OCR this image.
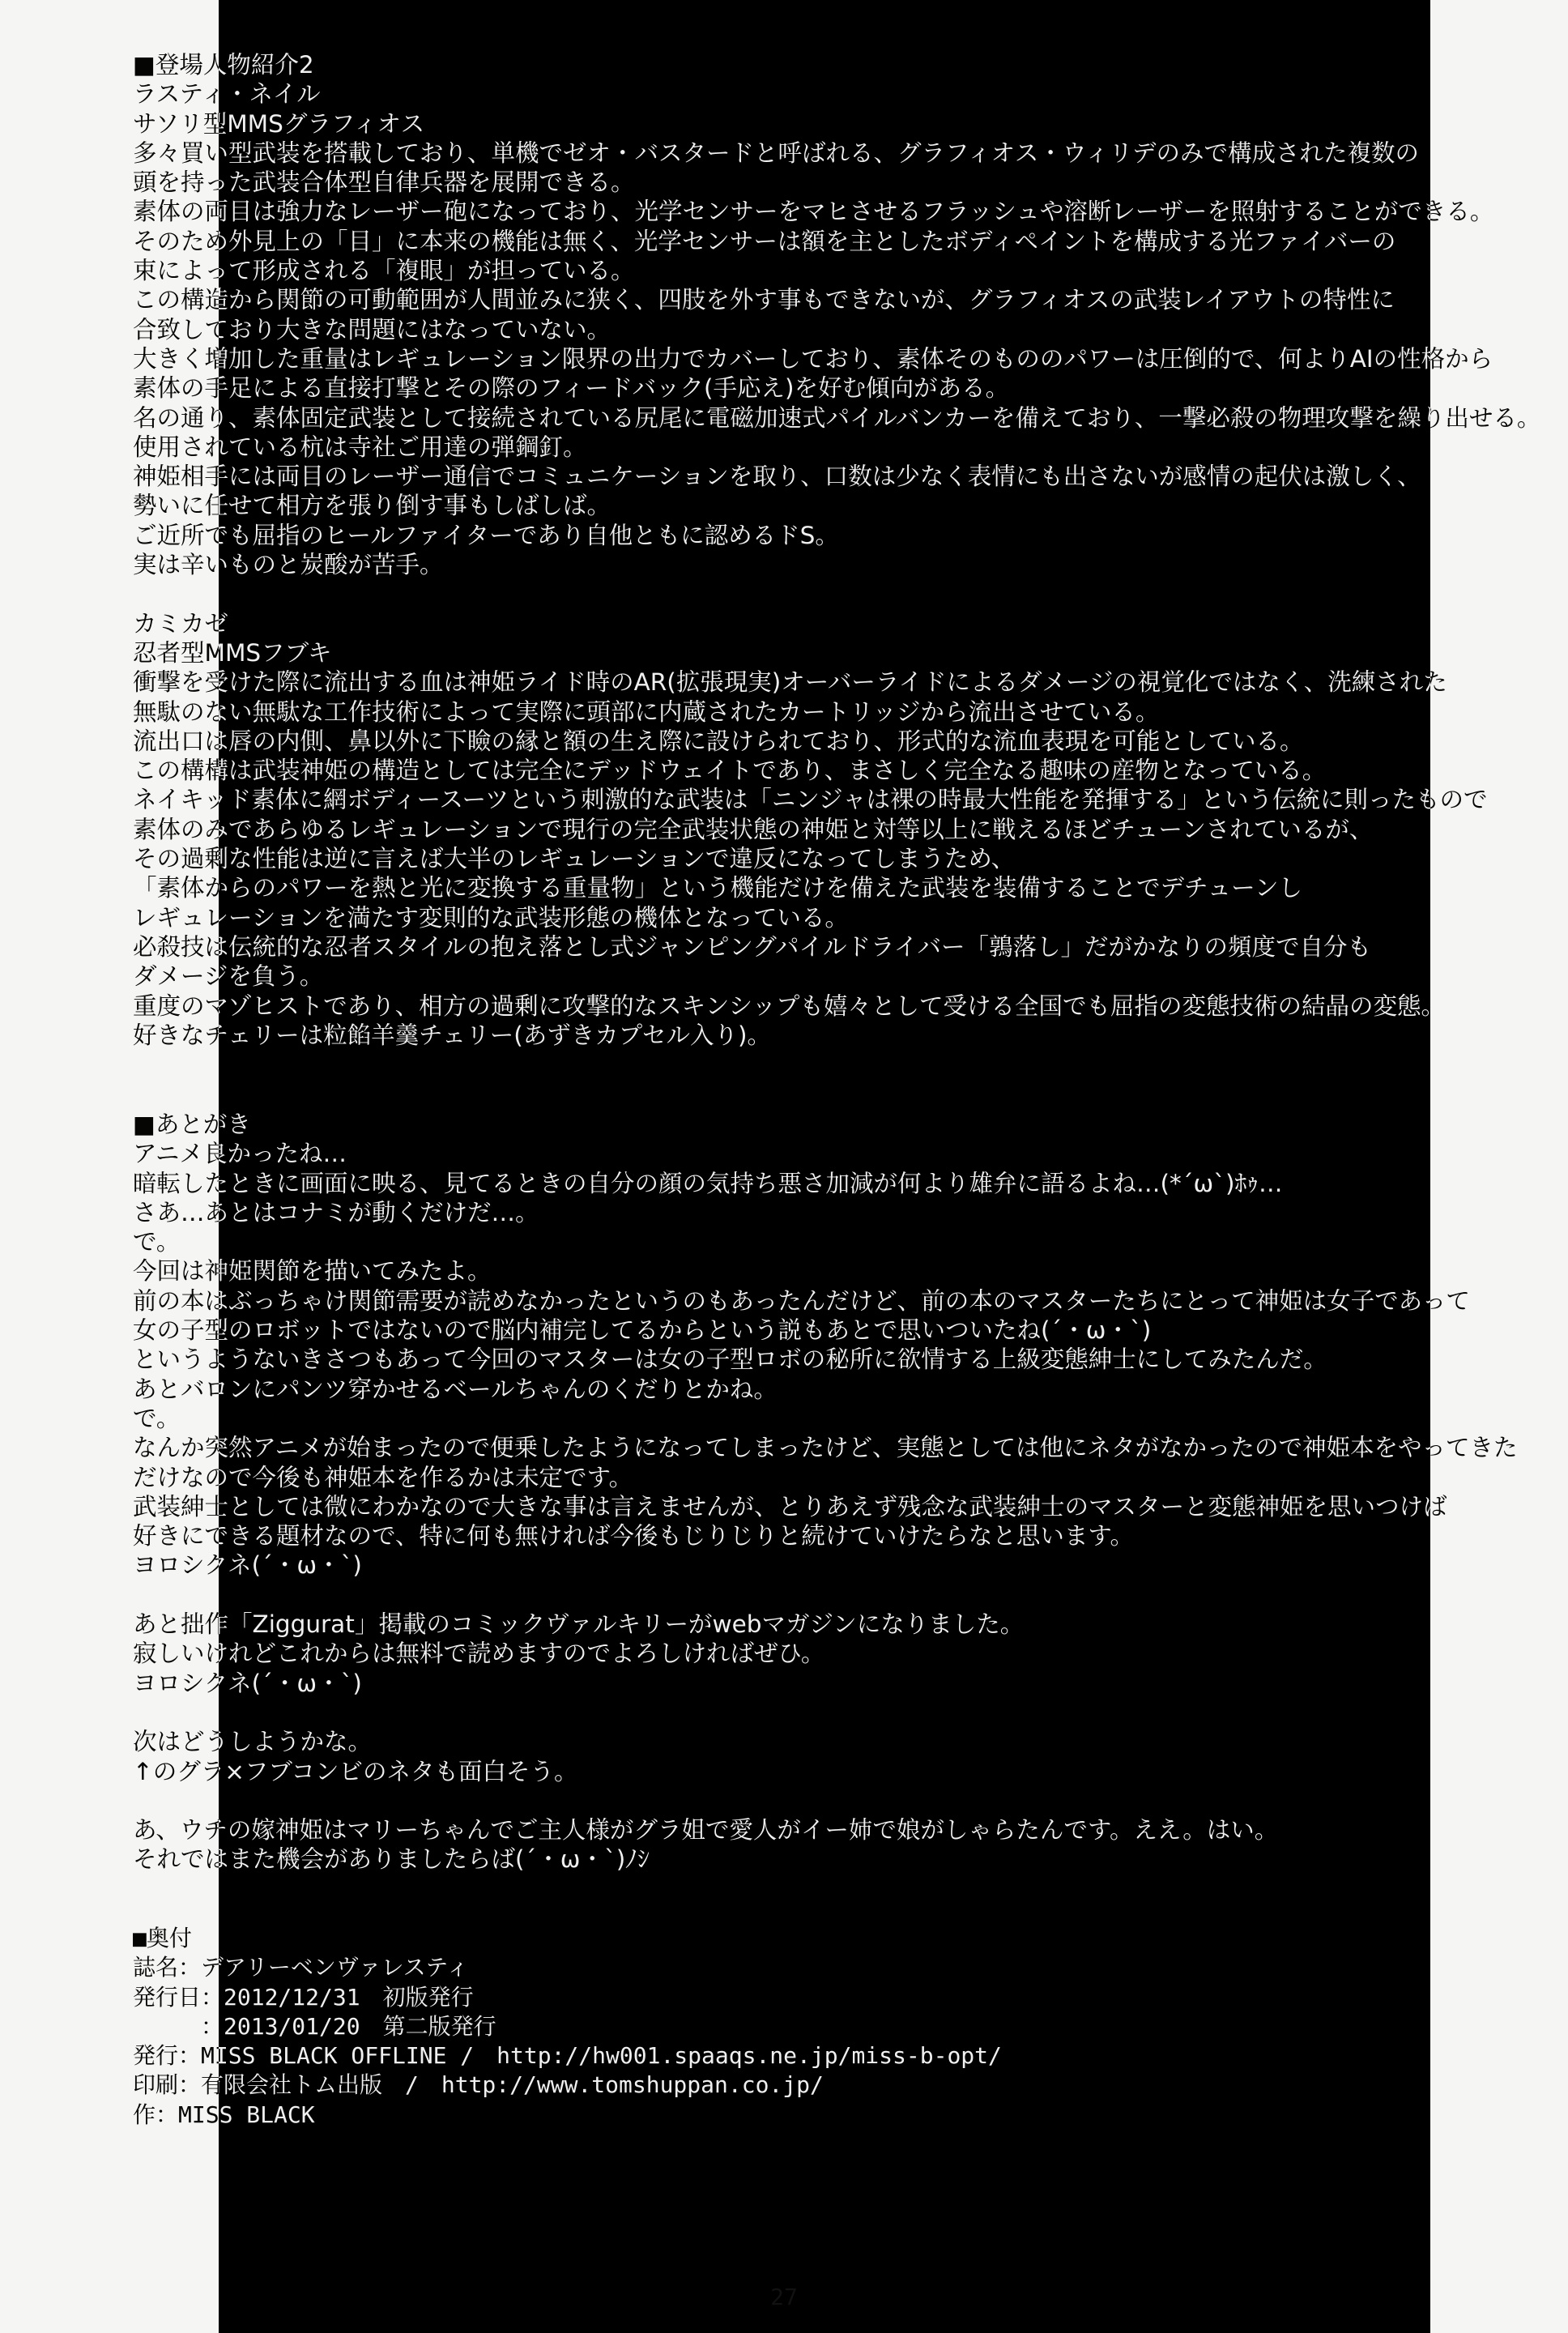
■登場人物紹介2
ラスティ・ネイル
サソリ型MMSグラフィオス
多々買い型武装を搭載しており、単機でゼオ・バスタードと呼ばれる、グラフィオス・ウィリデのみで構成された複数の
頭を持った武装合体型自律兵器を展開できる。
素体の両目は強力なレーザー砲になっており、光学センサーをマヒさせるフラッシュや溶断レーザーを照射することができる。
そのため外見上の「目」に本来の機能は無く、光学センサーは額を主としたボディペイントを構成する光ファイバーの
束によって形成される「複眼」が担っている。
この構造から関節の可動範囲が人間並みに狭く、四肢を外す事もできないが、グラフィオスの武装レイアウトの特性に
合致しており大きな問題にはなっていない。
大きく増加した重量はレギュレーション限界の出力でカバーしており、素体そのもののパワーは圧倒的で、何よりAIの性格から
素体の手足による直接打撃とその際のフィードバック(手応え)を好む傾向がある。
名の通り、素体固定武装として接続されている尻尾に電磁加速式パイルバンカーを備えており、一撃必殺の物理攻撃を繰り出せる。
使用されている杭は寺社ご用達の弾鋼釘。
神姫相手には両目のレーザー通信でコミュニケーションを取り、口数は少なく表情にも出さないが感情の起伏は激しく、
勢いに任せて相方を張り倒す事もしばしば。
ご近所でも屈指のヒールファイターであり自他ともに認めるドS。
実は辛いものと炭酸が苦手。
カミカゼ
忍者型MMSフブキ
衝撃を受けた際に流出する血は神姫ライド時のAR(拡張現実)オーバーライドによるダメージの視覚化ではなく、洗練された
無駄のない無駄な工作技術によって実際に頭部に内蔵されたカートリッジから流出させている。
流出口は唇の内側、鼻以外に下瞼の縁と額の生え際に設けられており、形式的な流血表現を可能としている。
この構構は武装神姫の構造としては完全にデッドウェイトであり、まさしく完全なる趣味の産物となっている。
ネイキッド素体に網ボディースーツという刺激的な武装は「ニンジャは裸の時最大性能を発揮する」という伝統に則ったもので
素体のみであらゆるレギュレーションで現行の完全武装状態の神姫と対等以上に戦えるほどチューンされているが、
その過剰な性能は逆に言えば大半のレギュレーションで違反になってしまうため、
「素体からのパワーを熱と光に変換する重量物」という機能だけを備えた武装を装備することでデチューンし
レギュレーションを満たす変則的な武装形態の機体となっている。
必殺技は伝統的な忍者スタイルの抱え落とし式ジャンピングパイルドライバー「鶉落し」だがかなりの頻度で自分も
ダメージを負う。
重度のマゾヒストであり、相方の過剰に攻撃的なスキンシップも嬉々として受ける全国でも屈指の変態技術の結晶の変態。
好きなチェリーは粒餡羊羹チェリー(あずきカプセル入り)。
■あとがき
アニメ良かったね…
暗転したときに画面に映る、見てるときの自分の顔の気持ち悪さ加減が何より雄弁に語るよね…(*´ω`)ﾎｩ…
さあ…あとはコナミが動くだけだ…。
で。
今回は神姫関節を描いてみたよ。
前の本はぶっちゃけ関節需要が読めなかったというのもあったんだけど、前の本のマスターたちにとって神姫は女子であって
女の子型のロボットではないので脳内補完してるからという説もあとで思いついたね(´・ω・`)
というようないきさつもあって今回のマスターは女の子型ロボの秘所に欲情する上級変態紳士にしてみたんだ。
あとバロンにパンツ穿かせるベールちゃんのくだりとかね。
で。
なんか突然アニメが始まったので便乗したようになってしまったけど、実態としては他にネタがなかったので神姫本をやってきた
だけなので今後も神姫本を作るかは未定です。
武装紳士としては微にわかなので大きな事は言えませんが、とりあえず残念な武装紳士のマスターと変態神姫を思いつけば
好きにできる題材なので、特に何も無ければ今後もじりじりと続けていけたらなと思います。
ヨロシクネ(´・ω・`)
あと拙作「Ziggurat」掲載のコミックヴァルキリーがwebマガジンになりました。
寂しいけれどこれからは無料で読めますのでよろしければぜひ。
ヨロシクネ(´・ω・`)
次はどうしようかな。
↑のグラ×フブコンビのネタも面白そう。
あ、ウチの嫁神姫はマリーちゃんでご主人様がグラ姐で愛人がイー姉で娘がしゃらたんです。ええ。はい。
それではまた機会がありましたらば(´・ω・`)ﾉｼ
■奥付
誌名：デアリーベンヴァレスティ
発行日：2012/12/31　初版発行
　　　：2013/01/20　第二版発行
発行：MISS BLACK OFFLINE /　http://hw001.spaaqs.ne.jp/miss-b-opt/
印刷：有限会社トム出版　/　http://www.tomshuppan.co.jp/
作：MISS BLACK
27
